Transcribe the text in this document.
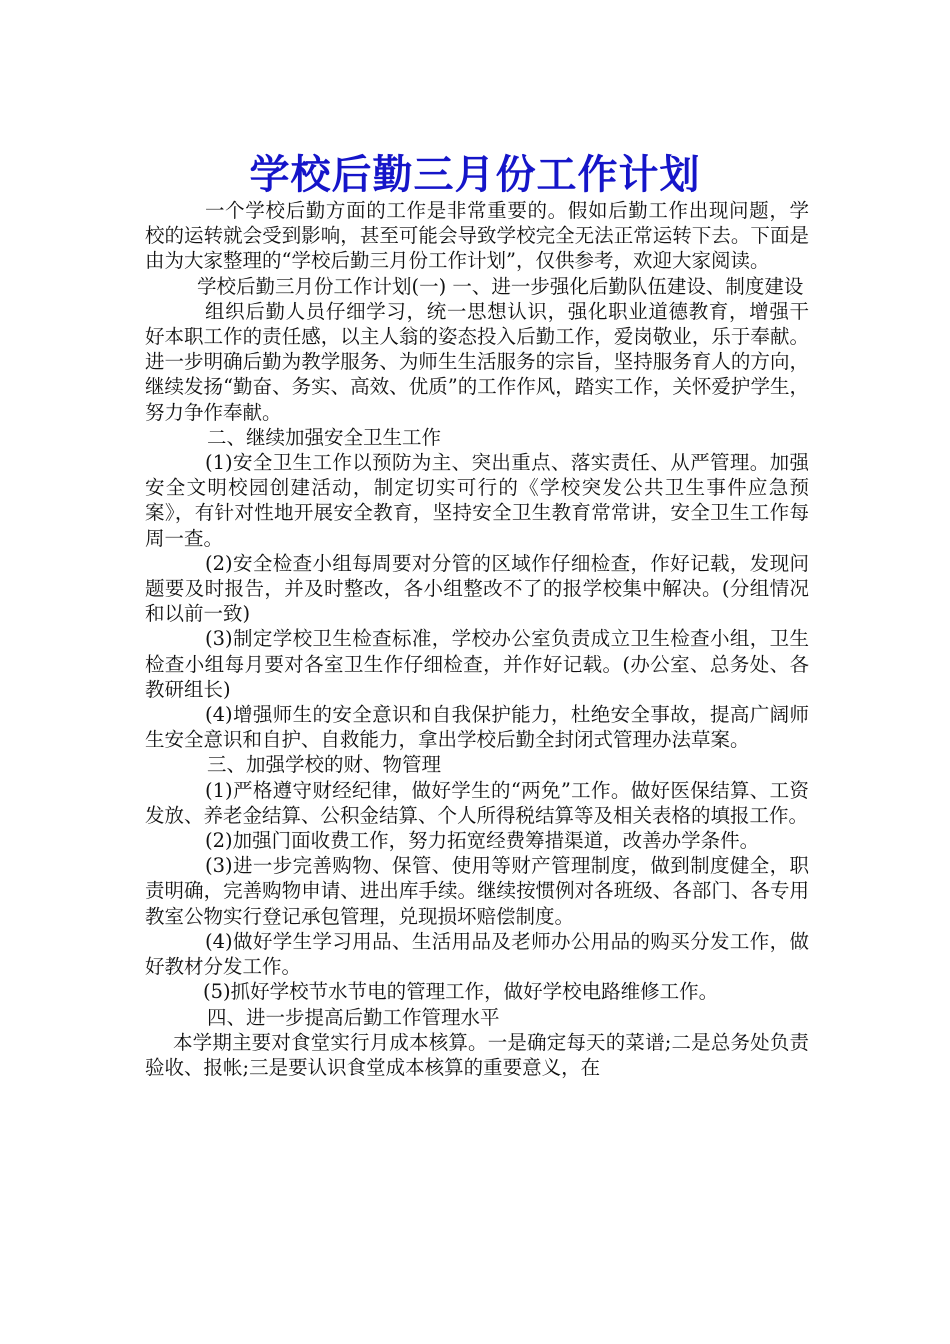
学校后勤三月份工作计划

一个学校后勤方面的工作是非常重要的。假如后勤工作出现问题，学校的运转就会受到影响，甚至可能会导致学校完全无法正常运转下去。下面是由为大家整理的“学校后勤三月份工作计划”，仅供参考，欢迎大家阅读。

学校后勤三月份工作计划(一) 一、进一步强化后勤队伍建设、制度建设

组织后勤人员仔细学习，统一思想认识，强化职业道德教育，增强干好本职工作的责任感，以主人翁的姿态投入后勤工作，爱岗敬业，乐于奉献。进一步明确后勤为教学服务、为师生生活服务的宗旨，坚持服务育人的方向，继续发扬“勤奋、务实、高效、优质”的工作作风，踏实工作，关怀爱护学生，努力争作奉献。

二、继续加强安全卫生工作

(1)安全卫生工作以预防为主、突出重点、落实责任、从严管理。加强安全文明校园创建活动，制定切实可行的《学校突发公共卫生事件应急预案》，有针对性地开展安全教育，坚持安全卫生教育常常讲，安全卫生工作每周一查。

(2)安全检查小组每周要对分管的区域作仔细检查，作好记载，发现问题要及时报告，并及时整改，各小组整改不了的报学校集中解决。(分组情况和以前一致)

(3)制定学校卫生检查标准，学校办公室负责成立卫生检查小组，卫生检查小组每月要对各室卫生作仔细检查，并作好记载。(办公室、总务处、各教研组长)

(4)增强师生的安全意识和自我保护能力，杜绝安全事故，提高广阔师生安全意识和自护、自救能力，拿出学校后勤全封闭式管理办法草案。

三、加强学校的财、物管理

(1)严格遵守财经纪律，做好学生的“两免”工作。做好医保结算、工资发放、养老金结算、公积金结算、个人所得税结算等及相关表格的填报工作。

(2)加强门面收费工作，努力拓宽经费筹措渠道，改善办学条件。

(3)进一步完善购物、保管、使用等财产管理制度，做到制度健全，职责明确，完善购物申请、进出库手续。继续按惯例对各班级、各部门、各专用教室公物实行登记承包管理，兑现损坏赔偿制度。

(4)做好学生学习用品、生活用品及老师办公用品的购买分发工作，做好教材分发工作。

(5)抓好学校节水节电的管理工作，做好学校电路维修工作。

四、进一步提高后勤工作管理水平

本学期主要对食堂实行月成本核算。一是确定每天的菜谱;二是总务处负责验收、报帐;三是要认识食堂成本核算的重要意义，在
